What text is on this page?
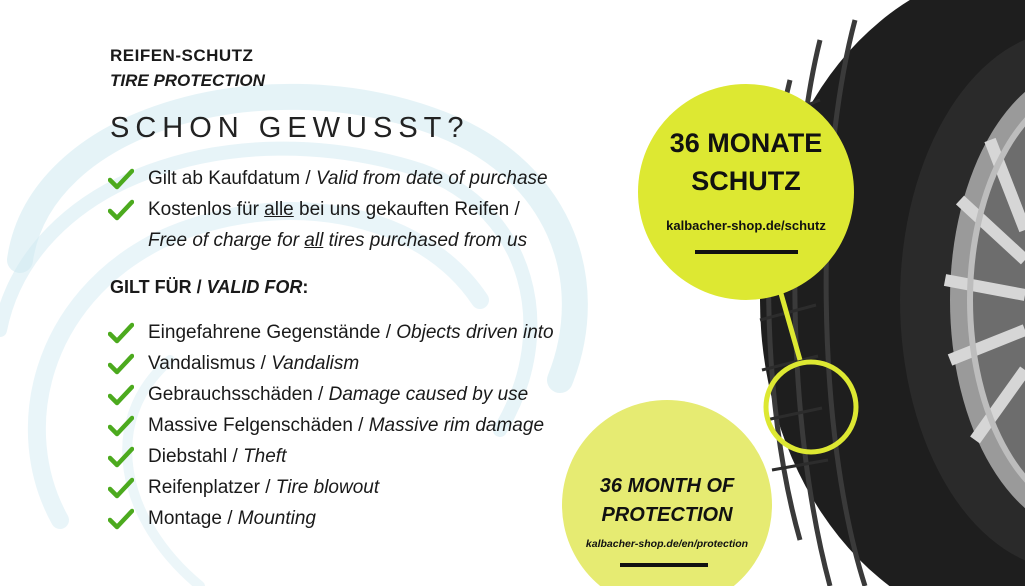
REIFEN-SCHUTZ
TIRE PROTECTION
SCHON GEWUSST?
Gilt ab Kaufdatum / Valid from date of purchase
Kostenlos für alle bei uns gekauften Reifen /
Free of charge for all tires purchased from us
GILT FÜR / VALID FOR:
Eingefahrene Gegenstände / Objects driven into
Vandalismus / Vandalism
Gebrauchsschäden / Damage caused by use
Massive Felgenschäden / Massive rim damage
Diebstahl / Theft
Reifenplatzer / Tire blowout
Montage / Mounting
36 MONATE
SCHUTZ
kalbacher-shop.de/schutz
36 MONTH OF
PROTECTION
kalbacher-shop.de/en/protection
